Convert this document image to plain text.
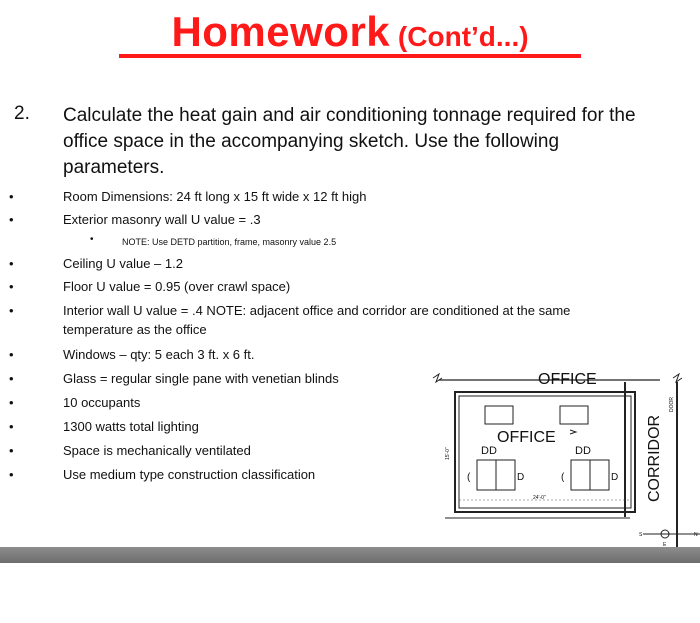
Homework (Cont’d...)
2. Calculate the heat gain and air conditioning tonnage required for the office space in the accompanying sketch. Use the following parameters.
•	Room Dimensions: 24 ft long x 15 ft wide x 12 ft high
•	Exterior masonry wall U value = .3
•	NOTE: Use DETD partition, frame, masonry value 2.5
•	Ceiling U value – 1.2
•	Floor U value = 0.95 (over crawl space)
•	Interior wall U value = .4 NOTE: adjacent office and corridor are conditioned at the same temperature as the office
•	Windows – qty: 5 each 3 ft. x 6 ft.
•	Glass = regular single pane with venetian blinds
•	10 occupants
•	1300 watts total lighting
•	Space is mechanically ventilated
•	Use medium type construction classification
OFFICE
CORRIDOR
DOOR
OFFICE
D D	D D
(	D	(	D
24'-0"
15'-0"
S	N
E
